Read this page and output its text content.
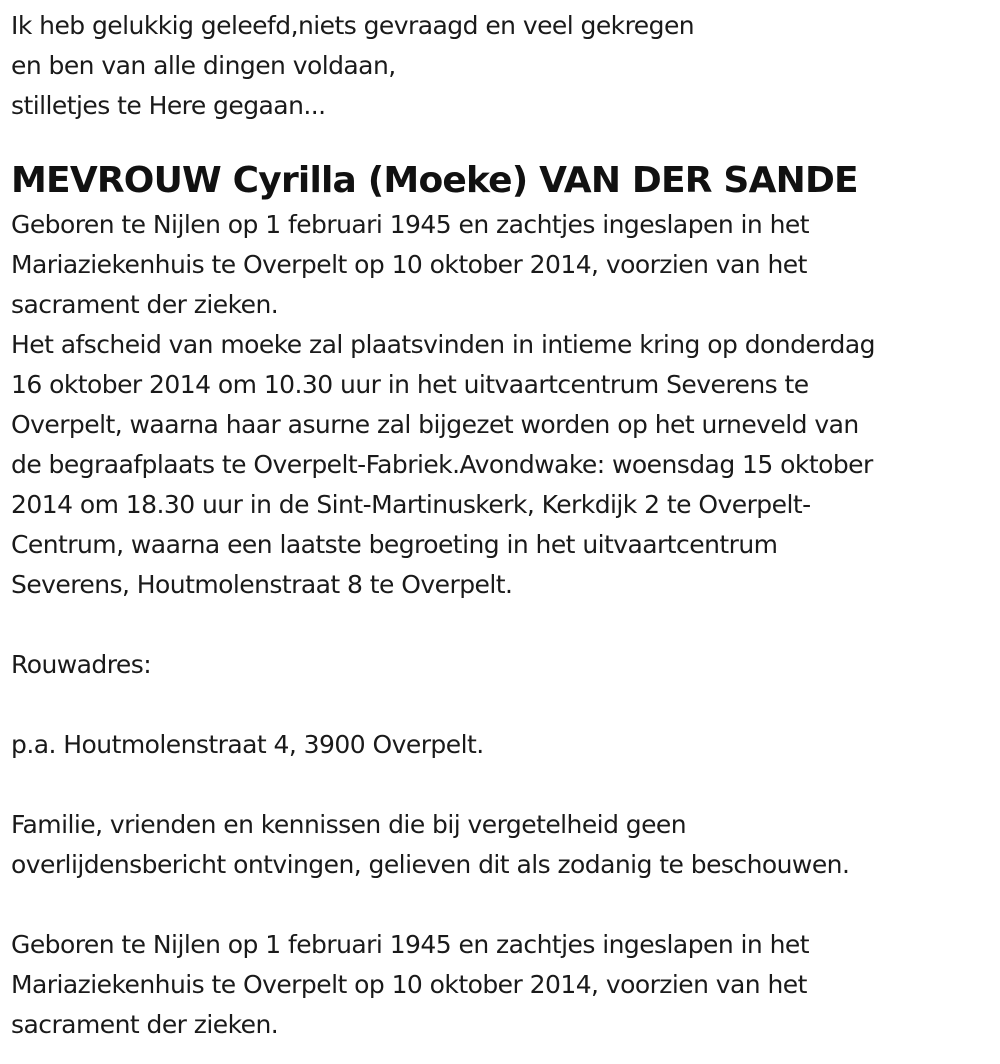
Ik heb gelukkig geleefd,niets gevraagd en veel gekregen
en ben van alle dingen voldaan,
stilletjes te Here gegaan...
MEVROUW Cyrilla (Moeke) VAN DER SANDE
Geboren te Nijlen op 1 februari 1945 en zachtjes ingeslapen in het
Mariaziekenhuis te Overpelt op 10 oktober 2014, voorzien van het
sacrament der zieken.
Het afscheid van moeke zal plaatsvinden in intieme kring op donderdag
16 oktober 2014 om 10.30 uur in het uitvaartcentrum Severens te
Overpelt, waarna haar asurne zal bijgezet worden op het urneveld van
de begraafplaats te Overpelt-Fabriek.Avondwake: woensdag 15 oktober
2014 om 18.30 uur in de Sint-Martinuskerk, Kerkdijk 2 te Overpelt-
Centrum, waarna een laatste begroeting in het uitvaartcentrum
Severens, Houtmolenstraat 8 te Overpelt.
Rouwadres:
p.a. Houtmolenstraat 4, 3900 Overpelt.
Familie, vrienden en kennissen die bij vergetelheid geen
overlijdensbericht ontvingen, gelieven dit als zodanig te beschouwen.
Geboren te Nijlen op 1 februari 1945 en zachtjes ingeslapen in het
Mariaziekenhuis te Overpelt op 10 oktober 2014, voorzien van het
sacrament der zieken.
